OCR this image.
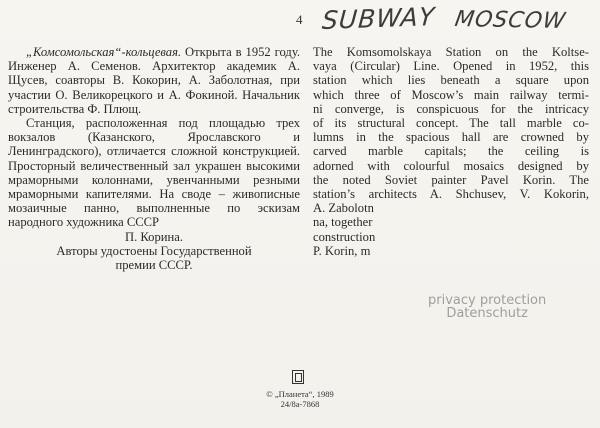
4 SUBWAY MOSCOW

„Комсомольская“-кольцевая. Открыта в 1952 году. Инженер А. Семенов. Архитектор академик А. Щусев, соавторы В. Кокорин, А. Заболотная, при участии О. Великорецкого и А. Фокиной. Начальник строительства Ф. Плющ.

Станция, расположенная под площадью трех вокзалов (Казанского, Ярославского и Ленинградского), отличается сложной конструкцией. Просторный величественный зал украшен высокими мраморными колоннами, увенчанными резными мраморными капителями. На своде – живописные мозаичные панно, выполненные по эскизам народного художника СССР

П. Корина.

Авторы удостоены Государственной

премии СССР.

The Komsomolskaya Station on the Koltse-
vaya (Circular) Line. Opened in 1952, this
station which lies beneath a square upon
which three of Moscow’s main railway termi-
ni converge, is conspicuous for the intricacy
of its structural concept. The tall marble co-
lumns in the spacious hall are crowned by
carved marble capitals; the ceiling is
adorned with colourful mosaics designed by
the noted Soviet painter Pavel Korin. The
station’s architects A. Shchusev, V. Kokorin,
A. Zabolotn
na, together
construction
P. Korin, m
privacy protection
Datenschutz
© „Планета“, 1989
24/8а-7868
